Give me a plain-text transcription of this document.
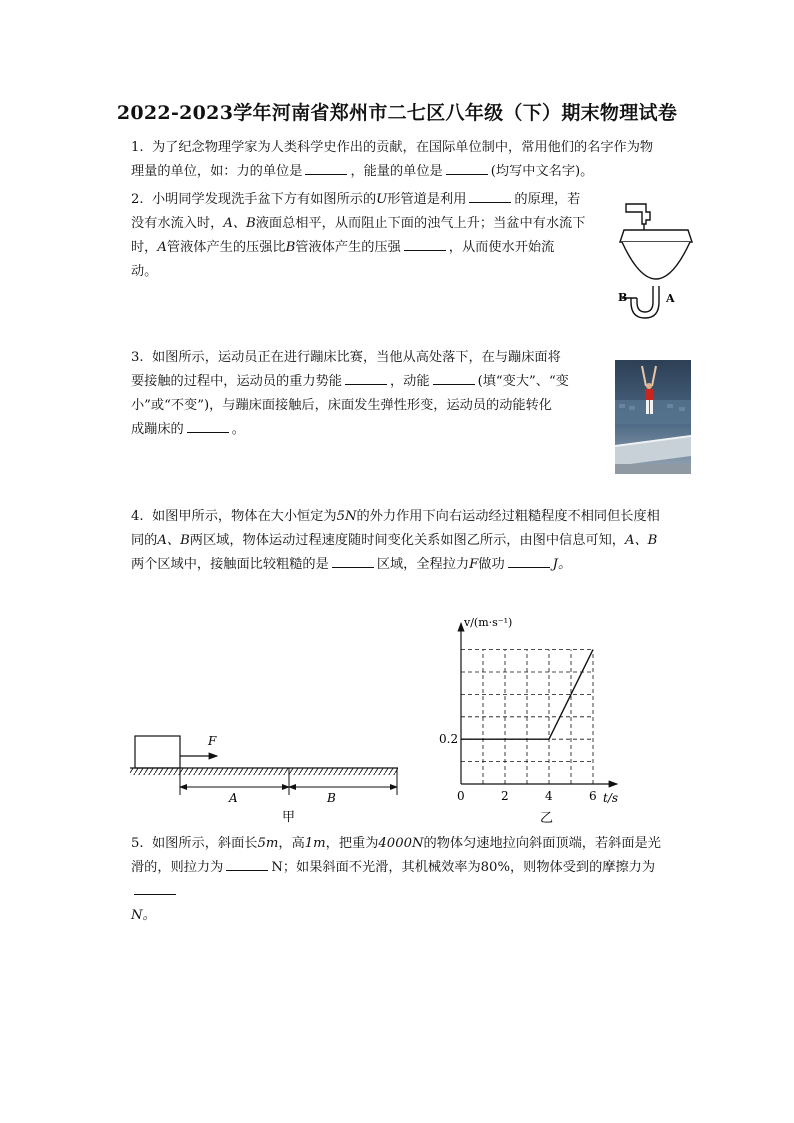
2022-2023学年河南省郑州市二七区八年级（下）期末物理试卷
1. 为了纪念物理学家为人类科学史作出的贡献，在国际单位制中，常用他们的名字作为物
理量的单位，如：力的单位是	，能量的单位是	(均写中文名字)。
2. 小明同学发现洗手盆下方有如图所示的U形管道是利用	的原理，若
没有水流入时，A、B液面总相平，从而阻止下面的浊气上升；当盆中有水流下
时，A管液体产生的压强比B管液体产生的压强	，从而使水开始流
动。
B	A
3. 如图所示，运动员正在进行蹦床比赛，当他从高处落下，在与蹦床面将
要接触的过程中，运动员的重力势能	，动能	(填“变大”、“变
小”或“不变”)，与蹦床面接触后，床面发生弹性形变，运动员的动能转化
成蹦床的	。
4. 如图甲所示，物体在大小恒定为5N的外力作用下向右运动经过粗糙程度不相同但长度相
同的A、B两区域，物体运动过程速度随时间变化关系如图乙所示，由图中信息可知，A、B
两个区域中，接触面比较粗糙的是	区域，全程拉力F做功	J。
F
A	B
甲
0	2	4	6
0.2
t/s
v/(m·s⁻¹)
乙
5. 如图所示，斜面长5m，高1m，把重为4000N的物体匀速地拉向斜面顶端，若斜面是光
滑的，则拉力为	N；如果斜面不光滑，其机械效率为80%，则物体受到的摩擦力为
N。
